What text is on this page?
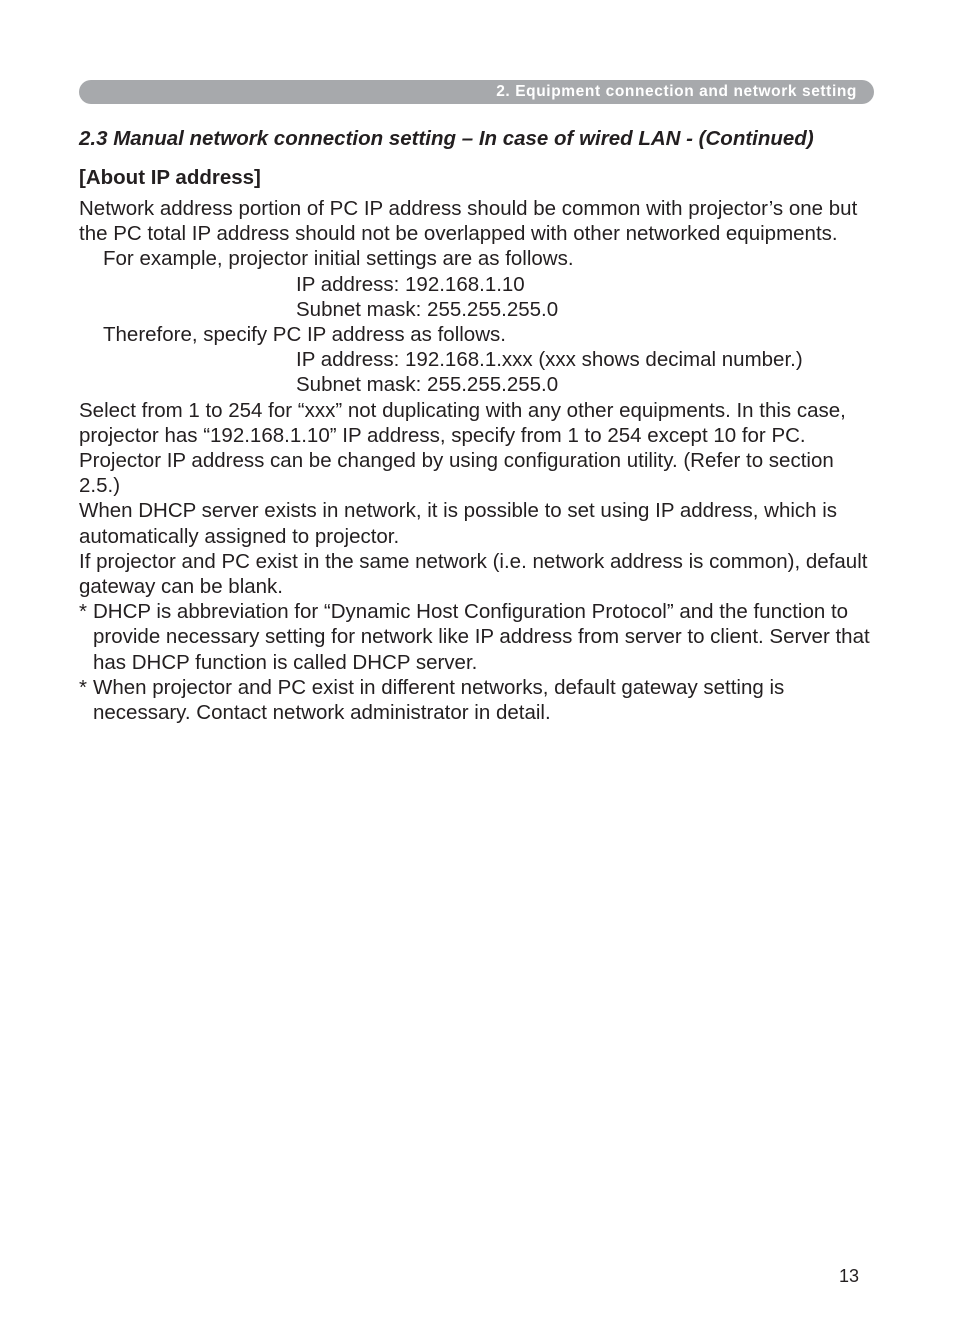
2. Equipment connection and network setting
2.3 Manual network connection setting – In case of wired LAN - (Continued)
[About IP address]

Network address portion of PC IP address should be common with projector’s one but the PC total IP address should not be overlapped with other networked equipments.

For example, projector initial settings are as follows.

IP address: 192.168.1.10

Subnet mask: 255.255.255.0

Therefore, specify PC IP address as follows.

IP address: 192.168.1.xxx (xxx shows decimal number.)

Subnet mask: 255.255.255.0

Select from 1 to 254 for “xxx” not duplicating with any other equipments. In this case, projector has “192.168.1.10” IP address, specify from 1 to 254 except 10 for PC.

Projector IP address can be changed by using configuration utility. (Refer to section 2.5.)

When DHCP server exists in network, it is possible to set using IP address, which is automatically assigned to projector.

If projector and PC exist in the same network (i.e. network address is common), default gateway can be blank.

* DHCP is abbreviation for “Dynamic Host Configuration Protocol” and the function to provide necessary setting for network like IP address from server to client. Server that has DHCP function is called DHCP server.

* When projector and PC exist in different networks, default gateway setting is necessary. Contact network administrator in detail.

13
